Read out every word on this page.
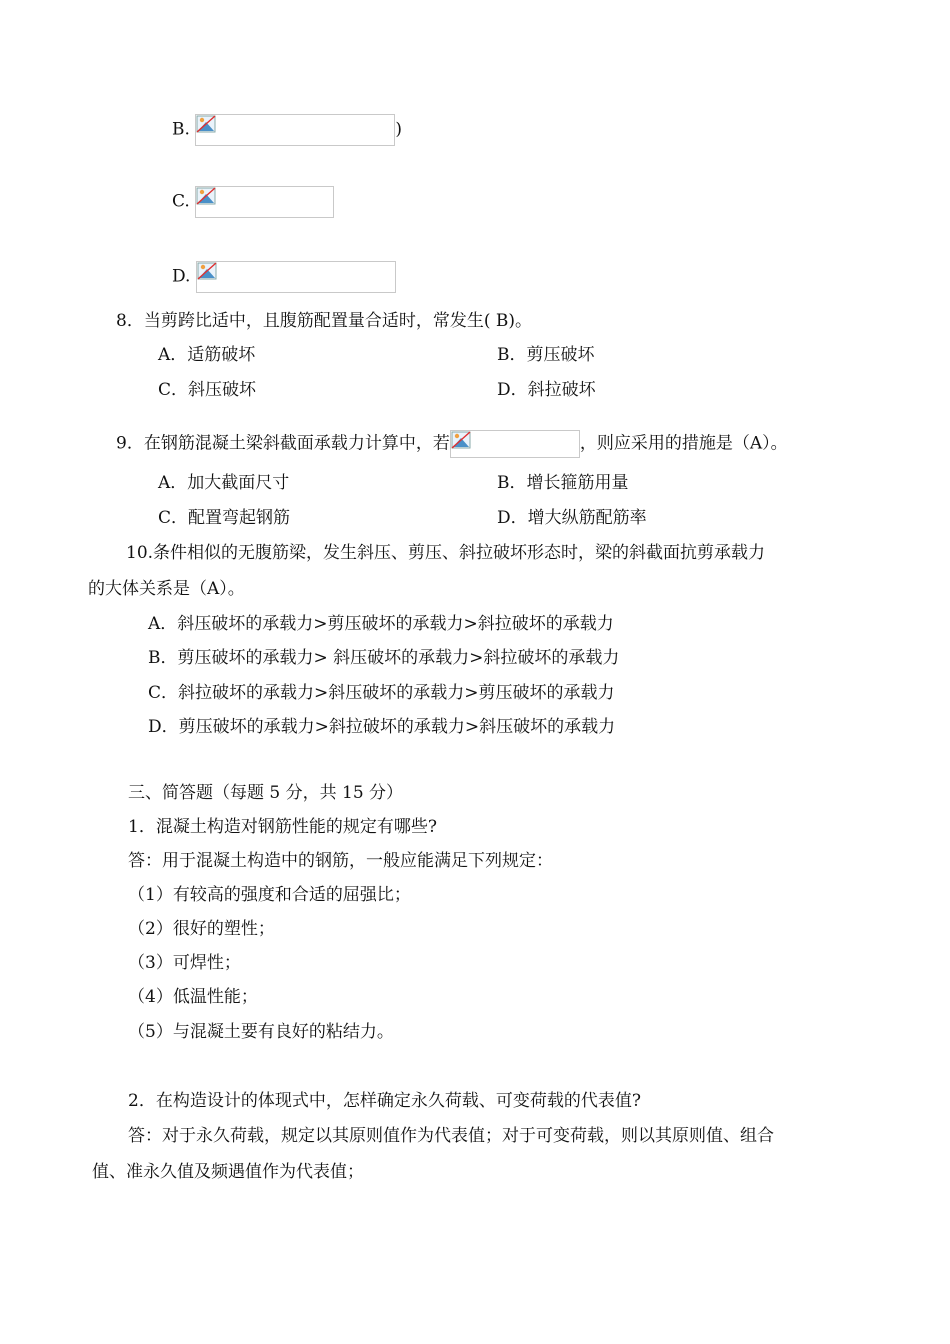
B.	)
C.
D.
8．当剪跨比适中，且腹筋配置量合适时，常发生( B)。
A．适筋破坏	B．剪压破坏
C．斜压破坏	D．斜拉破坏
9．在钢筋混凝土梁斜截面承载力计算中，若	，则应采用的措施是（A）。
A．加大截面尺寸	B．增长箍筋用量
C．配置弯起钢筋	D．增大纵筋配筋率
10.条件相似的无腹筋梁，发生斜压、剪压、斜拉破坏形态时，梁的斜截面抗剪承载力
的大体关系是（A）。
A．斜压破坏的承载力>剪压破坏的承载力>斜拉破坏的承载力
B．剪压破坏的承载力> 斜压破坏的承载力>斜拉破坏的承载力
C．斜拉破坏的承载力>斜压破坏的承载力>剪压破坏的承载力
D．剪压破坏的承载力>斜拉破坏的承载力>斜压破坏的承载力
三、简答题（每题 5 分，共 15 分）
1．混凝土构造对钢筋性能的规定有哪些?
答：用于混凝土构造中的钢筋，一般应能满足下列规定：
（1）有较高的强度和合适的屈强比；
（2）很好的塑性；
（3）可焊性；
（4）低温性能；
（5）与混凝土要有良好的粘结力。
2．在构造设计的体现式中，怎样确定永久荷载、可变荷载的代表值?
答：对于永久荷载，规定以其原则值作为代表值；对于可变荷载，则以其原则值、组合
值、准永久值及频遇值作为代表值；
